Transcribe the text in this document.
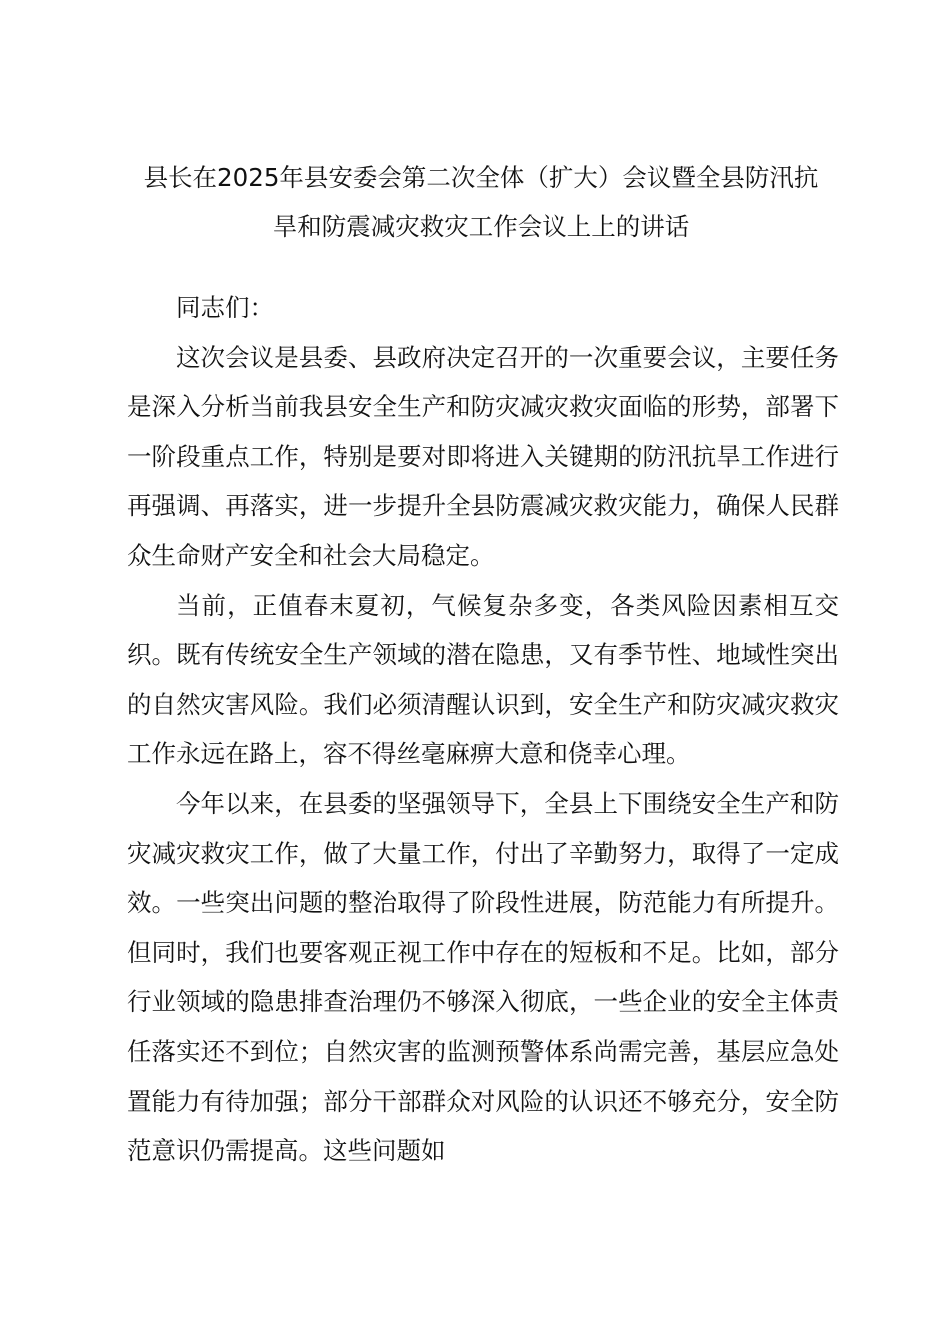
县长在2025年县安委会第二次全体（扩大）会议暨全县防汛抗
旱和防震减灾救灾工作会议上上的讲话

同志们：

这次会议是县委、县政府决定召开的一次重要会议，主要任务是深入分析当前我县安全生产和防灾减灾救灾面临的形势，部署下一阶段重点工作，特别是要对即将进入关键期的防汛抗旱工作进行再强调、再落实，进一步提升全县防震减灾救灾能力，确保人民群众生命财产安全和社会大局稳定。

当前，正值春末夏初，气候复杂多变，各类风险因素相互交织。既有传统安全生产领域的潜在隐患，又有季节性、地域性突出的自然灾害风险。我们必须清醒认识到，安全生产和防灾减灾救灾工作永远在路上，容不得丝毫麻痹大意和侥幸心理。

今年以来，在县委的坚强领导下，全县上下围绕安全生产和防灾减灾救灾工作，做了大量工作，付出了辛勤努力，取得了一定成效。一些突出问题的整治取得了阶段性进展，防范能力有所提升。但同时，我们也要客观正视工作中存在的短板和不足。比如，部分行业领域的隐患排查治理仍不够深入彻底，一些企业的安全主体责任落实还不到位；自然灾害的监测预警体系尚需完善，基层应急处置能力有待加强；部分干部群众对风险的认识还不够充分，安全防范意识仍需提高。这些问题如
